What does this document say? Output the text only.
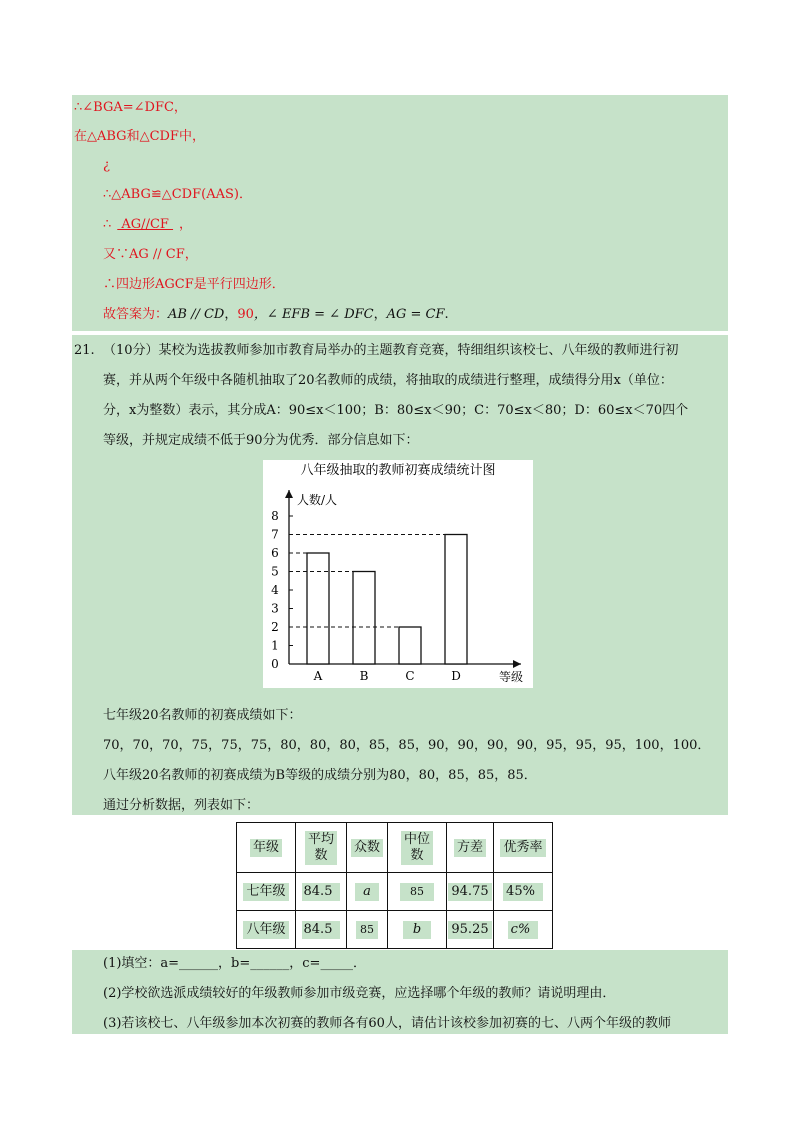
∴∠BGA=∠DFC，
在△ABG和△CDF中，
¿
∴△ABG≌△CDF(AAS)．
∴ AG//CF ，
又∵AG // CF，
∴四边形AGCF是平行四边形．
故答案为：AB // CD，90，∠ EFB = ∠ DFC，AG = CF.
21. （10分）某校为选拔教师参加市教育局举办的主题教育竞赛，特细组织该校七、八年级的教师进行初
赛，并从两个年级中各随机抽取了20名教师的成绩，将抽取的成绩进行整理，成绩得分用x（单位：
分，x为整数）表示，其分成A：90≤x＜100；B：80≤x＜90；C：70≤x＜80；D：60≤x＜70四个
等级，并规定成绩不低于90分为优秀．部分信息如下：
八年级抽取的教师初赛成绩统计图
人数/人
等级
0
1
2
3
4
5
6
7
8
A	B	C	D
七年级20名教师的初赛成绩如下：
70，70，70，75，75，75，80，80，80，85，85，90，90，90，90，95，95，95，100，100．
八年级20名教师的初赛成绩为B等级的成绩分别为80，80，85，85，85．
通过分析数据，列表如下：
年级	平均数	众数	中位数	方差	优秀率
七年级	84.5	a	85	94.75	45%
八年级	84.5	85	b	95.25	c%
(1)填空：a=______，b=______，c=_____．
(2)学校欲选派成绩较好的年级教师参加市级竞赛，应选择哪个年级的教师？请说明理由．
(3)若该校七、八年级参加本次初赛的教师各有60人，请估计该校参加初赛的七、八两个年级的教师
